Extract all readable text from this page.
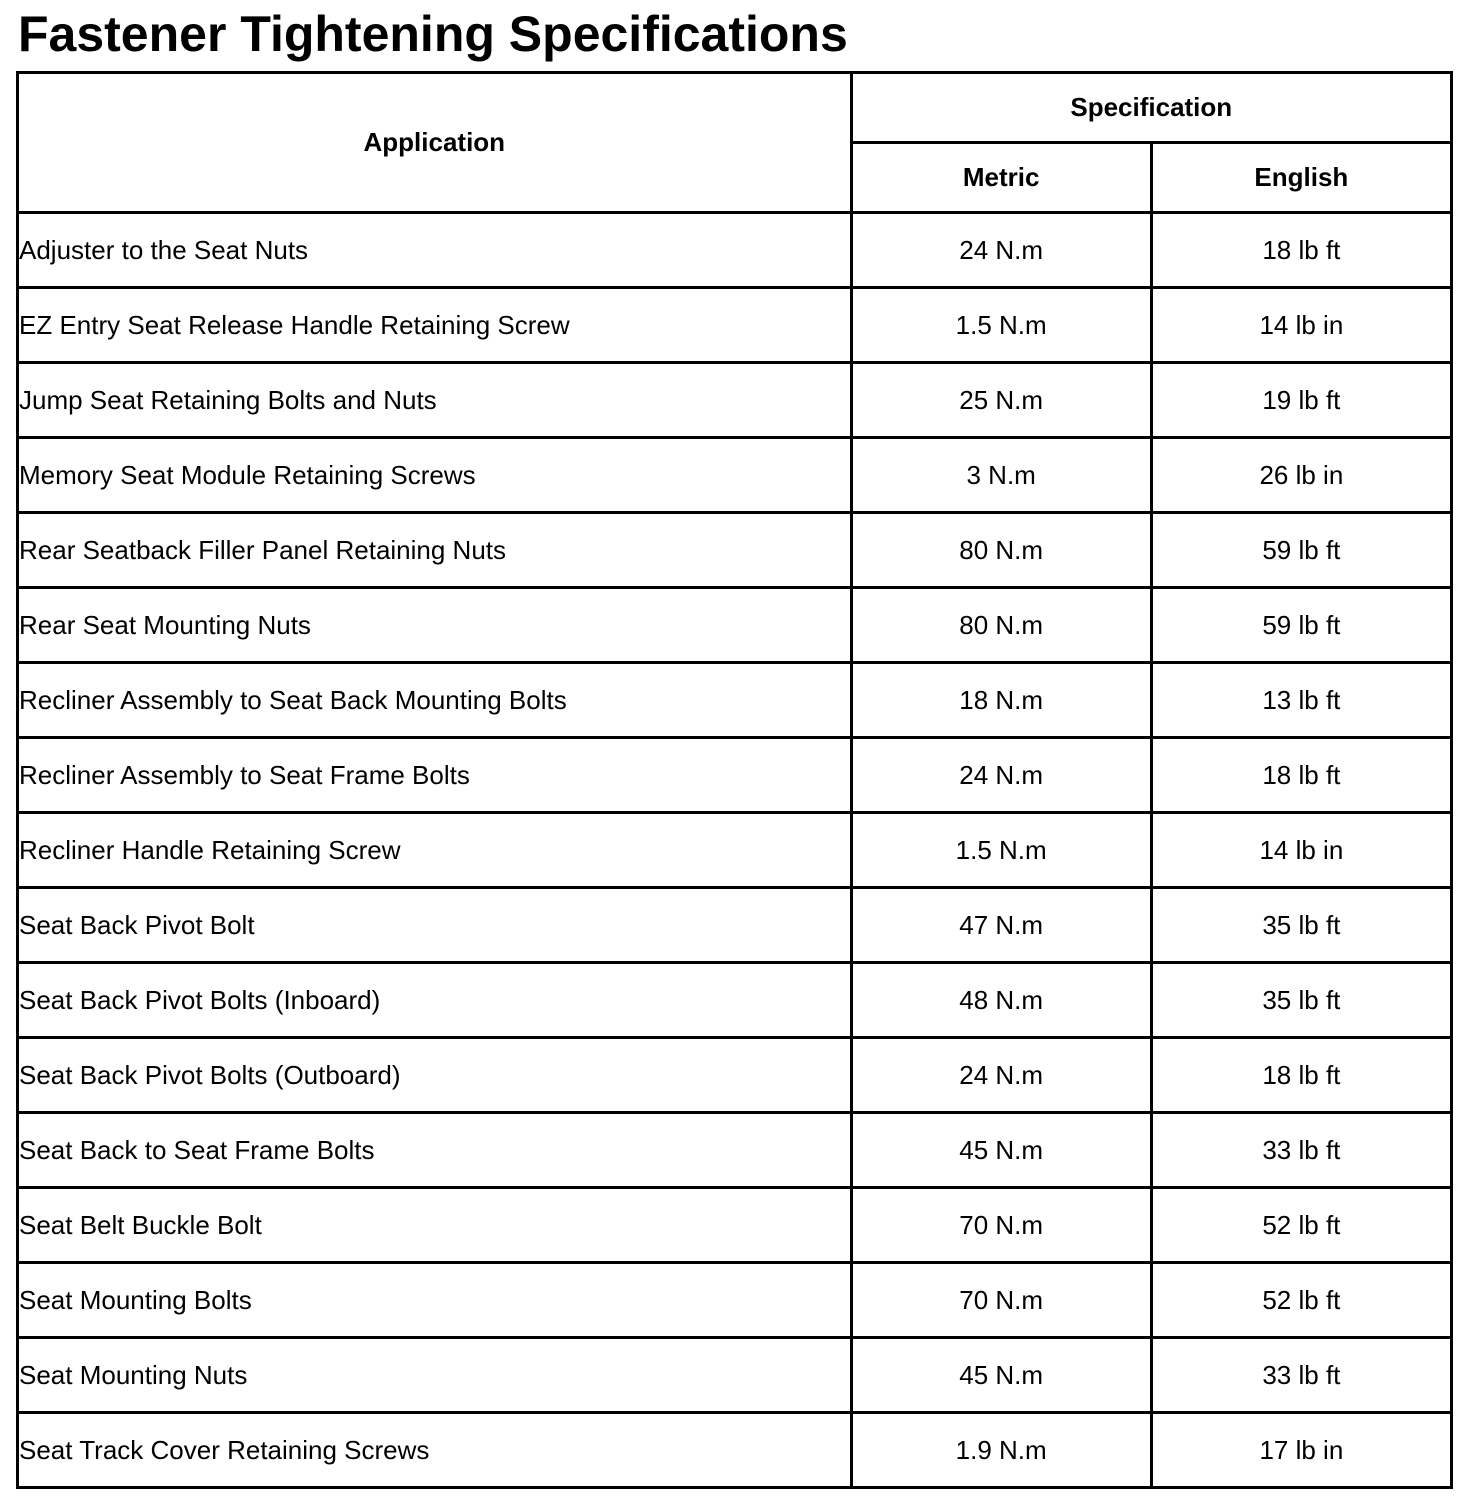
Fastener Tightening Specifications
Application	Specification	
	Metric	English
Adjuster to the Seat Nuts	24 N.m	18 lb ft
EZ Entry Seat Release Handle Retaining Screw	1.5 N.m	14 lb in
Jump Seat Retaining Bolts and Nuts	25 N.m	19 lb ft
Memory Seat Module Retaining Screws	3 N.m	26 lb in
Rear Seatback Filler Panel Retaining Nuts	80 N.m	59 lb ft
Rear Seat Mounting Nuts	80 N.m	59 lb ft
Recliner Assembly to Seat Back Mounting Bolts	18 N.m	13 lb ft
Recliner Assembly to Seat Frame Bolts	24 N.m	18 lb ft
Recliner Handle Retaining Screw	1.5 N.m	14 lb in
Seat Back Pivot Bolt	47 N.m	35 lb ft
Seat Back Pivot Bolts (Inboard)	48 N.m	35 lb ft
Seat Back Pivot Bolts (Outboard)	24 N.m	18 lb ft
Seat Back to Seat Frame Bolts	45 N.m	33 lb ft
Seat Belt Buckle Bolt	70 N.m	52 lb ft
Seat Mounting Bolts	70 N.m	52 lb ft
Seat Mounting Nuts	45 N.m	33 lb ft
Seat Track Cover Retaining Screws	1.9 N.m	17 lb in
